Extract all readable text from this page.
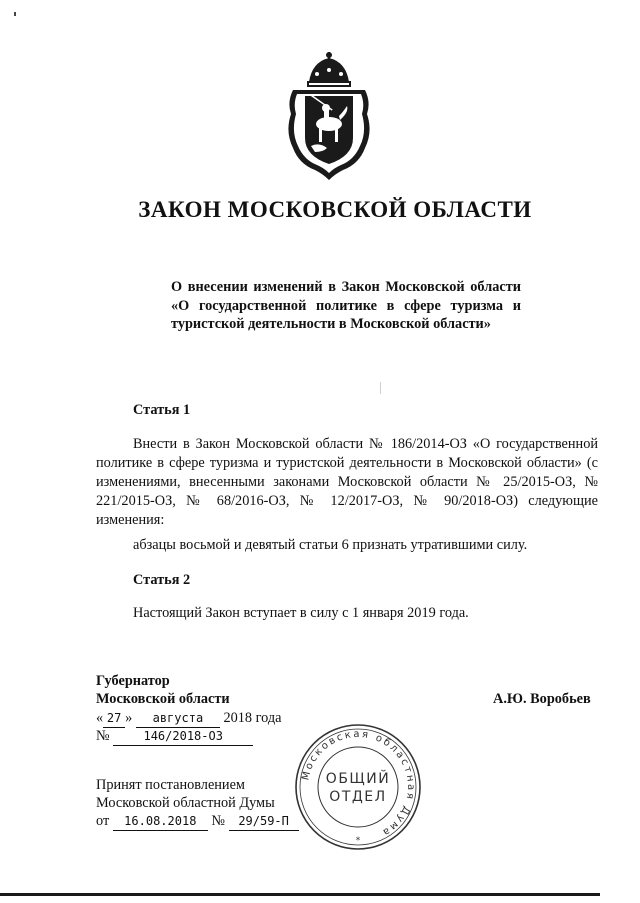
ЗАКОН МОСКОВСКОЙ ОБЛАСТИ
О внесении изменений в Закон Московской области «О государственной политике в сфере туризма и туристской деятельности в Московской области»
Статья 1
Внести в Закон Московской области № 186/2014-ОЗ «О государственной политике в сфере туризма и туристской деятельности в Московской области» (с изменениями, внесенными законами Московской области № 25/2015-ОЗ, № 221/2015-ОЗ, № 68/2016-ОЗ, № 12/2017-ОЗ, № 90/2018-ОЗ) следующие изменения:
абзацы восьмой и девятый статьи 6 признать утратившими силу.
Статья 2
Настоящий Закон вступает в силу с 1 января 2019 года.
Губернатор
Московской области	А.Ю. Воробьев
« 27 » августа 2018 года
№	146/2018-ОЗ
Принят постановлением
Московской областной Думы
от 16.08.2018 № 29/59-П
Московская областная Дума
ОБЩИЙ
ОТДЕЛ
*
